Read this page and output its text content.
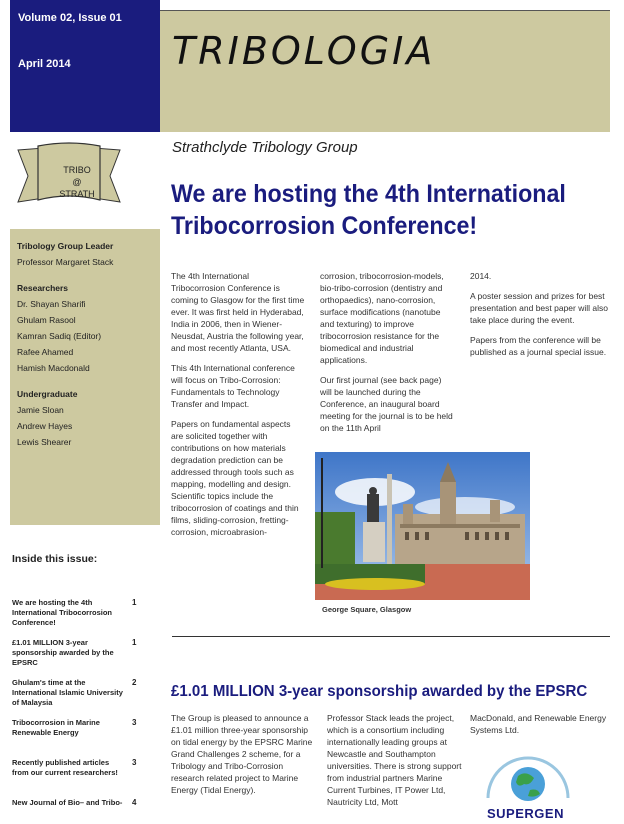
Volume 02, Issue 01
April 2014
TRIBO
@
STRATH
Tribology Group Leader
Professor Margaret Stack
Researchers
Dr. Shayan Sharifi
Ghulam Rasool
Kamran Sadiq (Editor)
Rafee Ahamed
Hamish Macdonald
Undergraduate
Jamie Sloan
Andrew Hayes
Lewis Shearer
Inside this issue:
We are hosting the 4th International Tribocorrosion Conference!
1
£1.01 MILLION 3-year sponsorship awarded by the EPSRC
1
Ghulam's time at the International Islamic University of Malaysia
2
Tribocorrosion in Marine Renewable Energy
3
Recently published articles from our current researchers!
3
New Journal of Bio– and Tribo-	4
TRIBOLOGIA
Strathclyde Tribology Group
We are hosting the 4th International Tribocorrosion Conference!

The 4th International Tribocorrosion Conference is coming to Glasgow for the first time ever. It was first held in Hyderabad, India in 2006, then in Wiener-Neusdat, Austria the following year, and most recently Atlanta, USA.

This 4th International conference will focus on Tribo-Corrosion: Fundamentals to Technology Transfer and Impact.

Papers on fundamental aspects are solicited together with contributions on how materials degradation prediction can be addressed through tools such as mapping, modelling and design. Scientific topics include the tribocorrosion of coatings and thin films, sliding-corrosion, fretting-corrosion, microabrasion-

corrosion, tribocorrosion-models, bio-tribo-corrosion (dentistry and orthopaedics), nano-corrosion, surface modifications (nanotube and texturing) to improve tribocorrosion resistance for the biomedical and industrial applications.

Our first journal (see back page) will be launched during the Conference, an inaugural board meeting for the journal is to be held on the 11th April

2014.

A poster session and prizes for best presentation and best paper will also take place during the event.

Papers from the conference will be published as a journal special issue.

George Square, Glasgow
£1.01 MILLION 3-year sponsorship awarded by the EPSRC

The Group is pleased to announce a £1.01 million three-year sponsorship on tidal energy by the EPSRC Marine Grand Challenges 2 scheme, for a Tribology and Tribo-Corrosion research related project to Marine Energy (Tidal Energy).

Professor Stack leads the project, which is a consortium including internationally leading groups at Newcastle and Southampton universities. There is strong support from industrial partners Marine Current Turbines, IT Power Ltd, Nautricity Ltd, Mott

MacDonald, and Renewable Energy Systems Ltd.

SUPERGEN
